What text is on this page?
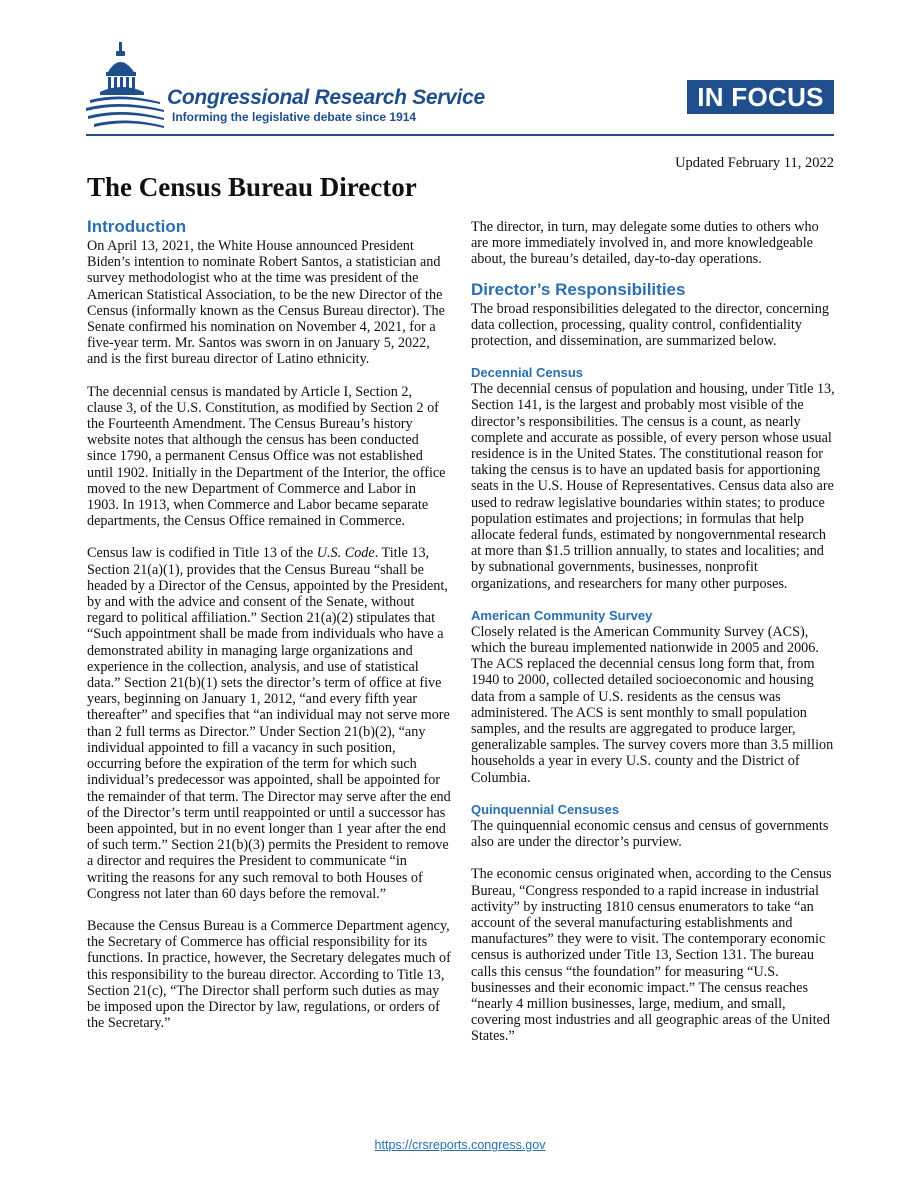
Congressional Research Service
Informing the legislative debate since 1914
IN FOCUS
Updated February 11, 2022
The Census Bureau Director
Introduction

On April 13, 2021, the White House announced President Biden’s intention to nominate Robert Santos, a statistician and survey methodologist who at the time was president of the American Statistical Association, to be the new Director of the Census (informally known as the Census Bureau director). The Senate confirmed his nomination on November 4, 2021, for a five-year term. Mr. Santos was sworn in on January 5, 2022, and is the first bureau director of Latino ethnicity.

The decennial census is mandated by Article I, Section 2, clause 3, of the U.S. Constitution, as modified by Section 2 of the Fourteenth Amendment. The Census Bureau’s history website notes that although the census has been conducted since 1790, a permanent Census Office was not established until 1902. Initially in the Department of the Interior, the office moved to the new Department of Commerce and Labor in 1903. In 1913, when Commerce and Labor became separate departments, the Census Office remained in Commerce.

Census law is codified in Title 13 of the U.S. Code. Title 13, Section 21(a)(1), provides that the Census Bureau “shall be headed by a Director of the Census, appointed by the President, by and with the advice and consent of the Senate, without regard to political affiliation.” Section 21(a)(2) stipulates that “Such appointment shall be made from individuals who have a demonstrated ability in managing large organizations and experience in the collection, analysis, and use of statistical data.” Section 21(b)(1) sets the director’s term of office at five years, beginning on January 1, 2012, “and every fifth year thereafter” and specifies that “an individual may not serve more than 2 full terms as Director.” Under Section 21(b)(2), “any individual appointed to fill a vacancy in such position, occurring before the expiration of the term for which such individual’s predecessor was appointed, shall be appointed for the remainder of that term. The Director may serve after the end of the Director’s term until reappointed or until a successor has been appointed, but in no event longer than 1 year after the end of such term.” Section 21(b)(3) permits the President to remove a director and requires the President to communicate “in writing the reasons for any such removal to both Houses of Congress not later than 60 days before the removal.”

Because the Census Bureau is a Commerce Department agency, the Secretary of Commerce has official responsibility for its functions. In practice, however, the Secretary delegates much of this responsibility to the bureau director. According to Title 13, Section 21(c), “The Director shall perform such duties as may be imposed upon the Director by law, regulations, or orders of the Secretary.”

The director, in turn, may delegate some duties to others who are more immediately involved in, and more knowledgeable about, the bureau’s detailed, day-to-day operations.

Director’s Responsibilities

The broad responsibilities delegated to the director, concerning data collection, processing, quality control, confidentiality protection, and dissemination, are summarized below.

Decennial Census

The decennial census of population and housing, under Title 13, Section 141, is the largest and probably most visible of the director’s responsibilities. The census is a count, as nearly complete and accurate as possible, of every person whose usual residence is in the United States. The constitutional reason for taking the census is to have an updated basis for apportioning seats in the U.S. House of Representatives. Census data also are used to redraw legislative boundaries within states; to produce population estimates and projections; in formulas that help allocate federal funds, estimated by nongovernmental research at more than $1.5 trillion annually, to states and localities; and by subnational governments, businesses, nonprofit organizations, and researchers for many other purposes.

American Community Survey

Closely related is the American Community Survey (ACS), which the bureau implemented nationwide in 2005 and 2006. The ACS replaced the decennial census long form that, from 1940 to 2000, collected detailed socioeconomic and housing data from a sample of U.S. residents as the census was administered. The ACS is sent monthly to small population samples, and the results are aggregated to produce larger, generalizable samples. The survey covers more than 3.5 million households a year in every U.S. county and the District of Columbia.

Quinquennial Censuses

The quinquennial economic census and census of governments also are under the director’s purview.

The economic census originated when, according to the Census Bureau, “Congress responded to a rapid increase in industrial activity” by instructing 1810 census enumerators to take “an account of the several manufacturing establishments and manufactures” they were to visit. The contemporary economic census is authorized under Title 13, Section 131. The bureau calls this census “the foundation” for measuring “U.S. businesses and their economic impact.” The census reaches “nearly 4 million businesses, large, medium, and small, covering most industries and all geographic areas of the United States.”

https://crsreports.congress.gov
